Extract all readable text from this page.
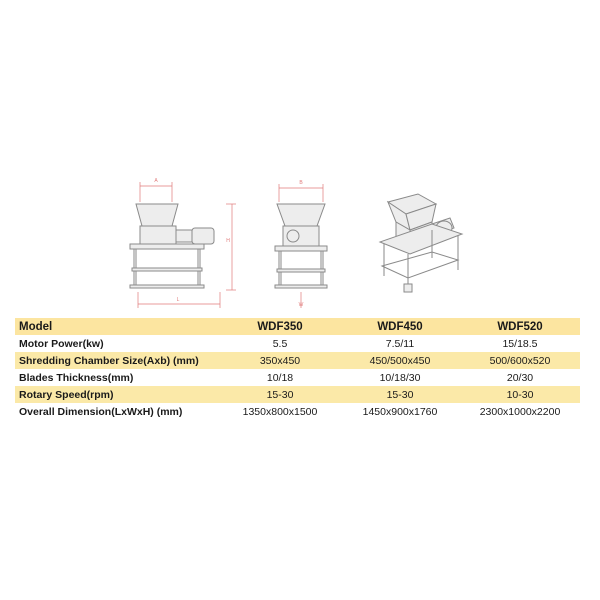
A
H
L
B
W
Model	WDF350	WDF450	WDF520
Motor Power(kw)	5.5	7.5/11	15/18.5
Shredding Chamber Size(Axb) (mm)	350x450	450/500x450	500/600x520
Blades Thickness(mm)	10/18	10/18/30	20/30
Rotary Speed(rpm)	15-30	15-30	10-30
Overall Dimension(LxWxH) (mm)	1350x800x1500	1450x900x1760	2300x1000x2200
